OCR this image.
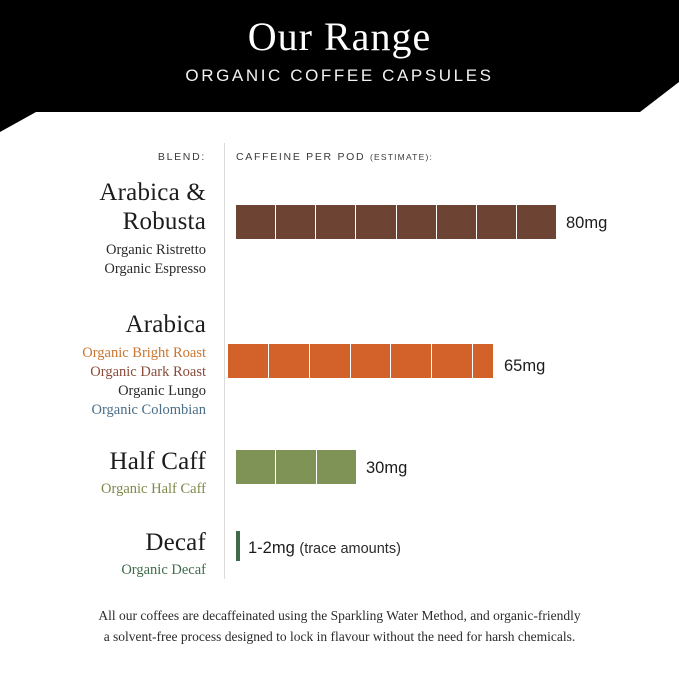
Our Range
ORGANIC COFFEE CAPSULES
BLEND:	CAFFEINE PER POD (ESTIMATE):
Arabica &
Robusta
Organic Ristretto
Organic Espresso
80mg
Arabica
Organic Bright Roast
Organic Dark Roast
Organic Lungo
Organic Colombian
65mg
Half Caff
Organic Half Caff
30mg
Decaf
Organic Decaf
1-2mg (trace amounts)
All our coffees are decaffeinated using the Sparkling Water Method, and organic-friendly
a solvent-free process designed to lock in flavour without the need for harsh chemicals.
